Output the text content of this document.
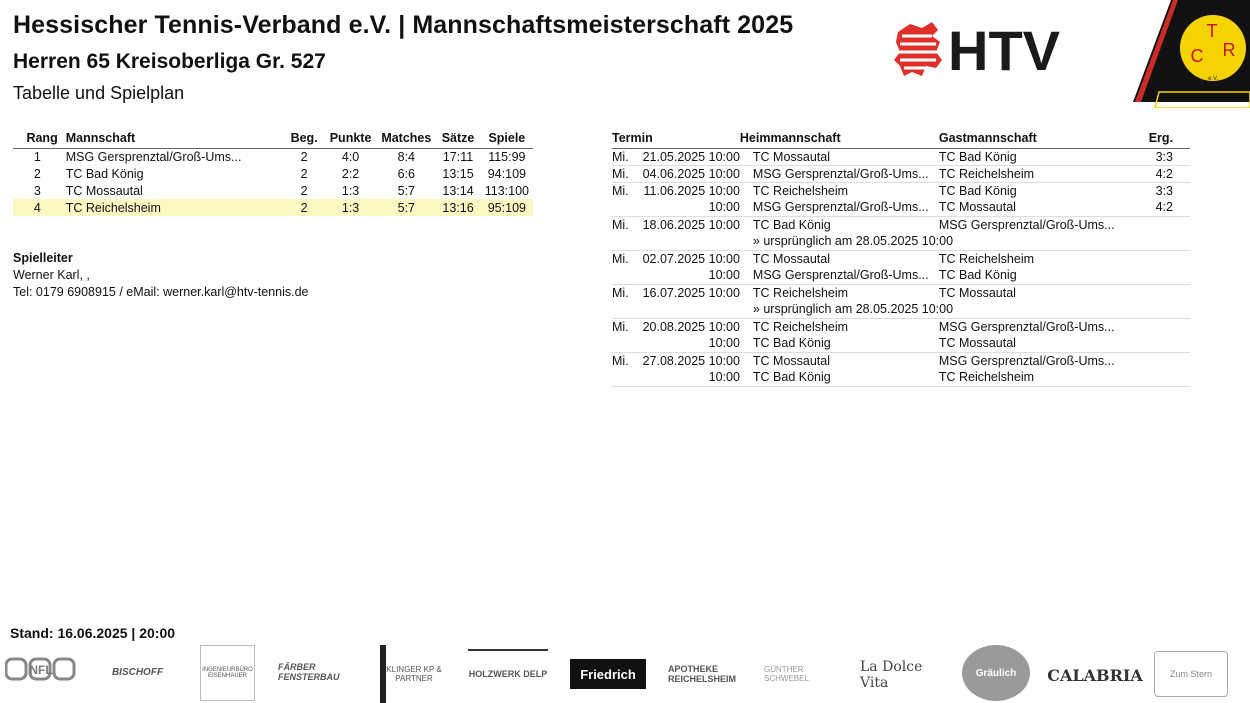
Hessischer Tennis-Verband e.V. | Mannschaftsmeisterschaft 2025
Herren 65 Kreisoberliga Gr. 527
Tabelle und Spielplan
HTV	T
C R
e.V.
Rang	Mannschaft	Beg.	Punkte	Matches	Sätze	Spiele
1	MSG Gersprenztal/Groß-Ums...	2	4:0	8:4	17:11	115:99
2	TC Bad König	2	2:2	6:6	13:15	94:109
3	TC Mossautal	2	1:3	5:7	13:14	113:100
4	TC Reichelsheim	2	1:3	5:7	13:16	95:109
Spielleiter
Werner Karl, ,
Tel: 0179 6908915 / eMail: werner.karl@htv-tennis.de
Termin		Heimmannschaft	Gastmannschaft	Erg.
Mi.	21.05.2025 10:00	TC Mossautal	TC Bad König	3:3
Mi.	04.06.2025 10:00	MSG Gersprenztal/Groß-Ums...	TC Reichelsheim	4:2
Mi.	11.06.2025 10:00	TC Reichelsheim	TC Bad König	3:3
	10:00	MSG Gersprenztal/Groß-Ums...	TC Mossautal	4:2
Mi.	18.06.2025 10:00	TC Bad König	MSG Gersprenztal/Groß-Ums...	
		» ursprünglich am 28.05.2025 10:00		
Mi.	02.07.2025 10:00	TC Mossautal	TC Reichelsheim	
	10:00	MSG Gersprenztal/Groß-Ums...	TC Bad König	
Mi.	16.07.2025 10:00	TC Reichelsheim	TC Mossautal	
		» ursprünglich am 28.05.2025 10:00		
Mi.	20.08.2025 10:00	TC Reichelsheim	MSG Gersprenztal/Groß-Ums...	
	10:00	TC Bad König	TC Mossautal	
Mi.	27.08.2025 10:00	TC Mossautal	MSG Gersprenztal/Groß-Ums...	
	10:00	TC Bad König	TC Reichelsheim	
Stand: 16.06.2025 | 20:00
NFL	BISCHOFF	INGENIEURBÜRO EISENHAUER
FÄRBER FENSTERBAU
KLINGER KP & PARTNER	HOLZWERK DELP	Friedrich	APOTHEKE REICHELSHEIM
GÜNTHER SCHWEBEL
La Dolce Vita
Gräulich	CALABRIA	Zum Stern
